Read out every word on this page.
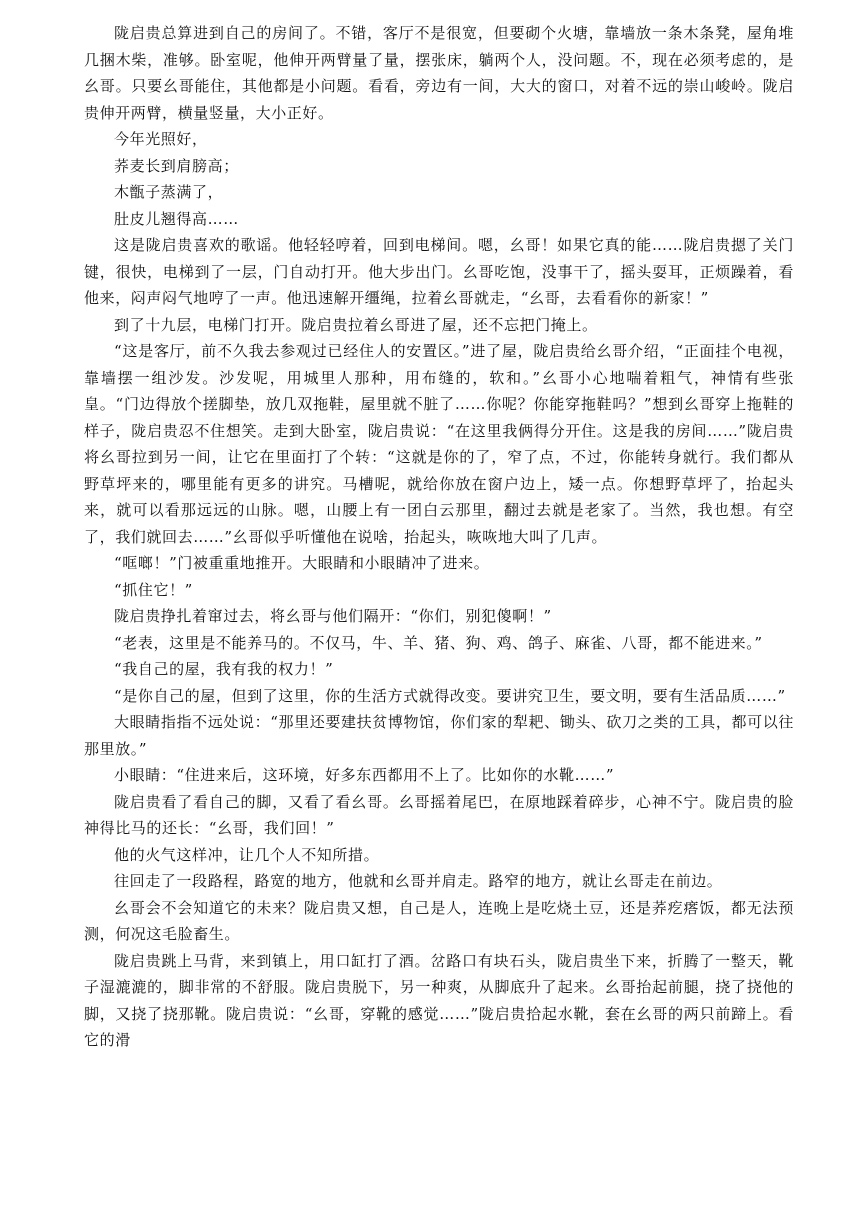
陇启贵总算进到自己的房间了。不错，客厅不是很宽，但要砌个火塘，靠墙放一条木条凳，屋角堆几捆木柴，准够。卧室呢，他伸开两臂量了量，摆张床，躺两个人，没问题。不，现在必须考虑的，是幺哥。只要幺哥能住，其他都是小问题。看看，旁边有一间，大大的窗口，对着不远的崇山峻岭。陇启贵伸开两臂，横量竖量，大小正好。

今年光照好，

荞麦长到肩膀高；

木甑子蒸满了，

肚皮儿翘得高……

这是陇启贵喜欢的歌谣。他轻轻哼着，回到电梯间。嗯，幺哥！如果它真的能……陇启贵摁了关门键，很快，电梯到了一层，门自动打开。他大步出门。幺哥吃饱，没事干了，摇头耍耳，正烦躁着，看他来，闷声闷气地哼了一声。他迅速解开缰绳，拉着幺哥就走，“幺哥，去看看你的新家！”

到了十九层，电梯门打开。陇启贵拉着幺哥进了屋，还不忘把门掩上。

“这是客厅，前不久我去参观过已经住人的安置区。”进了屋，陇启贵给幺哥介绍，“正面挂个电视，靠墙摆一组沙发。沙发呢，用城里人那种，用布缝的，软和。”幺哥小心地喘着粗气，神情有些张皇。“门边得放个搓脚垫，放几双拖鞋，屋里就不脏了……你呢？你能穿拖鞋吗？”想到幺哥穿上拖鞋的样子，陇启贵忍不住想笑。走到大卧室，陇启贵说：“在这里我俩得分开住。这是我的房间……”陇启贵将幺哥拉到另一间，让它在里面打了个转：“这就是你的了，窄了点，不过，你能转身就行。我们都从野草坪来的，哪里能有更多的讲究。马槽呢，就给你放在窗户边上，矮一点。你想野草坪了，抬起头来，就可以看那远远的山脉。嗯，山腰上有一团白云那里，翻过去就是老家了。当然，我也想。有空了，我们就回去……”幺哥似乎听懂他在说啥，抬起头，咴咴地大叫了几声。

“哐啷！”门被重重地推开。大眼睛和小眼睛冲了进来。

“抓住它！”

陇启贵挣扎着窜过去，将幺哥与他们隔开：“你们，别犯傻啊！”

“老表，这里是不能养马的。不仅马，牛、羊、猪、狗、鸡、鸽子、麻雀、八哥，都不能进来。”

“我自己的屋，我有我的权力！”

“是你自己的屋，但到了这里，你的生活方式就得改变。要讲究卫生，要文明，要有生活品质……”

大眼睛指指不远处说：“那里还要建扶贫博物馆，你们家的犁耙、锄头、砍刀之类的工具，都可以往那里放。”

小眼睛：“住进来后，这环境，好多东西都用不上了。比如你的水靴……”

陇启贵看了看自己的脚，又看了看幺哥。幺哥摇着尾巴，在原地踩着碎步，心神不宁。陇启贵的脸神得比马的还长：“幺哥，我们回！”

他的火气这样冲，让几个人不知所措。

往回走了一段路程，路宽的地方，他就和幺哥并肩走。路窄的地方，就让幺哥走在前边。

幺哥会不会知道它的未来？陇启贵又想，自己是人，连晚上是吃烧土豆，还是荞疙瘩饭，都无法预测，何况这毛脸畜生。

陇启贵跳上马背，来到镇上，用口缸打了酒。岔路口有块石头，陇启贵坐下来，折腾了一整天，靴子湿漉漉的，脚非常的不舒服。陇启贵脱下，另一种爽，从脚底升了起来。幺哥抬起前腿，挠了挠他的脚，又挠了挠那靴。陇启贵说：“幺哥，穿靴的感觉……”陇启贵拾起水靴，套在幺哥的两只前蹄上。看它的滑
